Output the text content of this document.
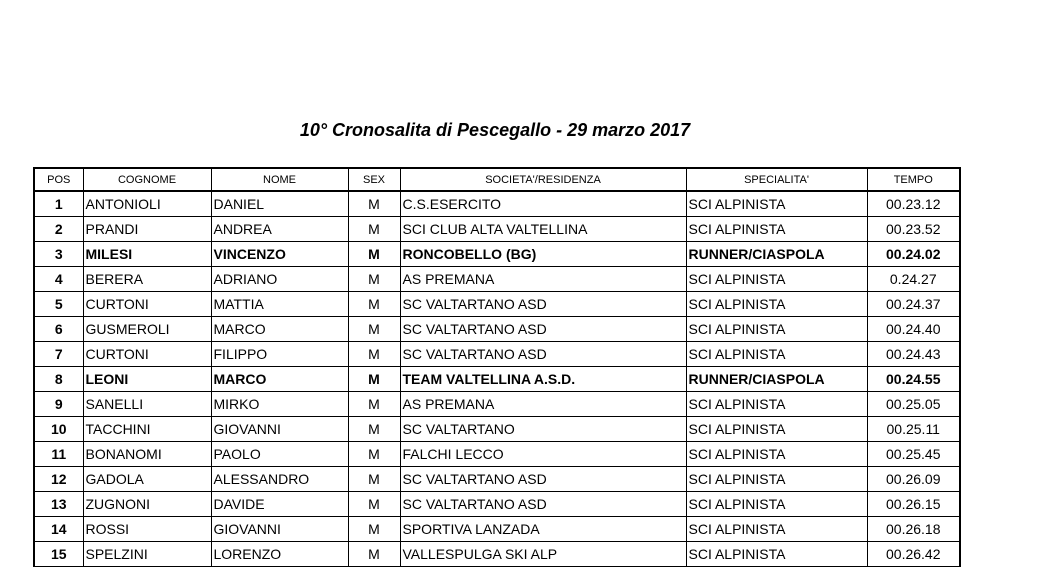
10° Cronosalita di Pescegallo - 29 marzo 2017
POS	COGNOME	NOME	SEX	SOCIETA'/RESIDENZA	SPECIALITA'	TEMPO
1	ANTONIOLI	DANIEL	M	C.S.ESERCITO	SCI ALPINISTA	00.23.12
2	PRANDI	ANDREA	M	SCI CLUB ALTA VALTELLINA	SCI ALPINISTA	00.23.52
3	MILESI	VINCENZO	M	RONCOBELLO (BG)	RUNNER/CIASPOLA	00.24.02
4	BERERA	ADRIANO	M	AS PREMANA	SCI ALPINISTA	0.24.27
5	CURTONI	MATTIA	M	SC VALTARTANO ASD	SCI ALPINISTA	00.24.37
6	GUSMEROLI	MARCO	M	SC VALTARTANO ASD	SCI ALPINISTA	00.24.40
7	CURTONI	FILIPPO	M	SC VALTARTANO ASD	SCI ALPINISTA	00.24.43
8	LEONI	MARCO	M	TEAM VALTELLINA A.S.D.	RUNNER/CIASPOLA	00.24.55
9	SANELLI	MIRKO	M	AS PREMANA	SCI ALPINISTA	00.25.05
10	TACCHINI	GIOVANNI	M	SC VALTARTANO	SCI ALPINISTA	00.25.11
11	BONANOMI	PAOLO	M	FALCHI LECCO	SCI ALPINISTA	00.25.45
12	GADOLA	ALESSANDRO	M	SC VALTARTANO ASD	SCI ALPINISTA	00.26.09
13	ZUGNONI	DAVIDE	M	SC VALTARTANO ASD	SCI ALPINISTA	00.26.15
14	ROSSI	GIOVANNI	M	SPORTIVA LANZADA	SCI ALPINISTA	00.26.18
15	SPELZINI	LORENZO	M	VALLESPULGA SKI ALP	SCI ALPINISTA	00.26.42
